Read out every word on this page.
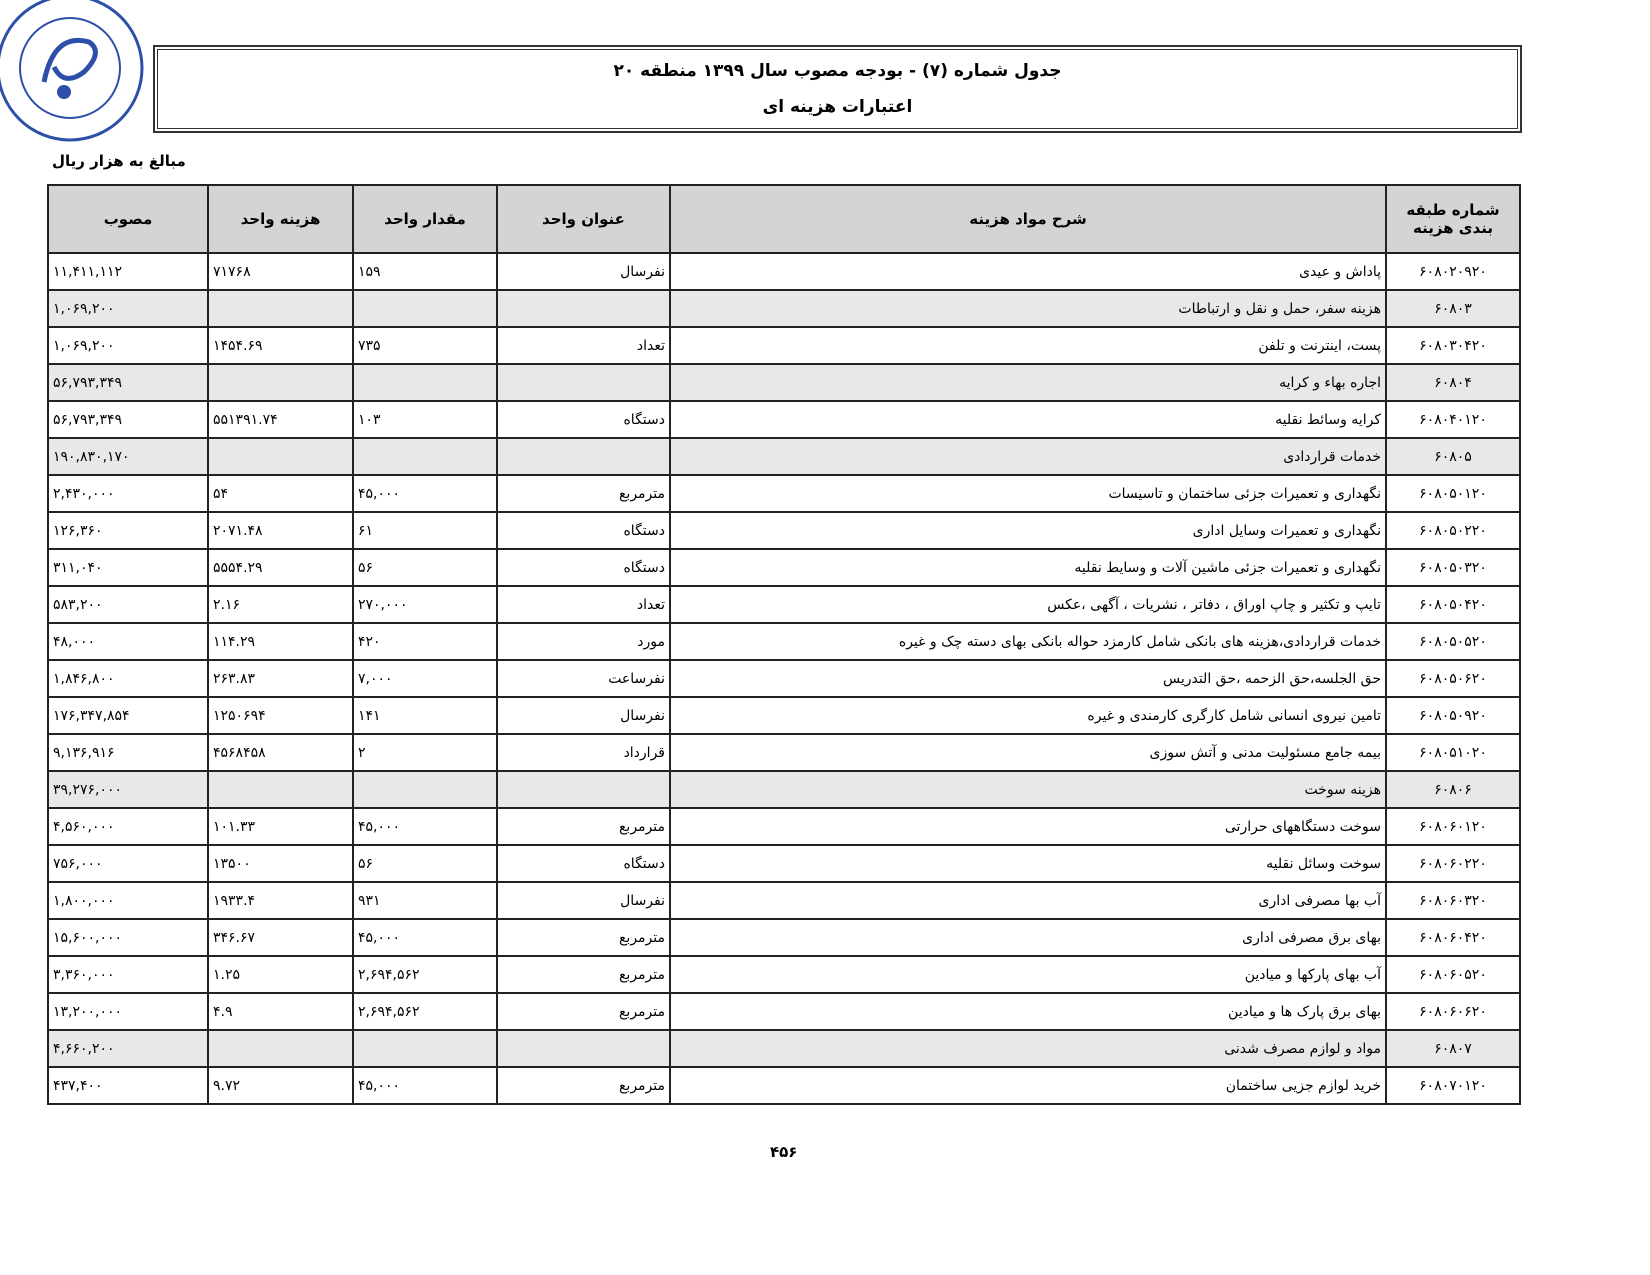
جدول شماره (۷) - بودجه مصوب سال ۱۳۹۹ منطقه ۲۰
اعتبارات هزینه ای
مبالغ به هزار ریال
شماره طبقه بندی هزینه	شرح مواد هزینه	عنوان واحد	مقدار واحد	هزینه واحد	مصوب
۶۰۸۰۲۰۹۲۰	پاداش و عیدی	نفرسال	۱۵۹	۷۱۷۶۸	۱۱,۴۱۱,۱۱۲
۶۰۸۰۳	هزینه سفر، حمل و نقل و ارتباطات				۱,۰۶۹,۲۰۰
۶۰۸۰۳۰۴۲۰	پست، اینترنت و تلفن	تعداد	۷۳۵	۱۴۵۴.۶۹	۱,۰۶۹,۲۰۰
۶۰۸۰۴	اجاره بهاء و کرایه				۵۶,۷۹۳,۳۴۹
۶۰۸۰۴۰۱۲۰	کرایه وسائط نقلیه	دستگاه	۱۰۳	۵۵۱۳۹۱.۷۴	۵۶,۷۹۳,۳۴۹
۶۰۸۰۵	خدمات قراردادی				۱۹۰,۸۳۰,۱۷۰
۶۰۸۰۵۰۱۲۰	نگهداری و تعمیرات جزئی ساختمان و تاسیسات	مترمربع	۴۵,۰۰۰	۵۴	۲,۴۳۰,۰۰۰
۶۰۸۰۵۰۲۲۰	نگهداری و تعمیرات وسایل اداری	دستگاه	۶۱	۲۰۷۱.۴۸	۱۲۶,۳۶۰
۶۰۸۰۵۰۳۲۰	نگهداری و تعمیرات جزئی ماشین آلات و وسایط نقلیه	دستگاه	۵۶	۵۵۵۴.۲۹	۳۱۱,۰۴۰
۶۰۸۰۵۰۴۲۰	تایپ و تکثیر و چاپ اوراق ، دفاتر ، نشریات ، آگهی ،عکس	تعداد	۲۷۰,۰۰۰	۲.۱۶	۵۸۳,۲۰۰
۶۰۸۰۵۰۵۲۰	خدمات قراردادی،هزینه های بانکی شامل کارمزد حواله بانکی بهای دسته چک و غیره	مورد	۴۲۰	۱۱۴.۲۹	۴۸,۰۰۰
۶۰۸۰۵۰۶۲۰	حق الجلسه،حق الزحمه ،حق التدریس	نفرساعت	۷,۰۰۰	۲۶۳.۸۳	۱,۸۴۶,۸۰۰
۶۰۸۰۵۰۹۲۰	تامین نیروی انسانی شامل کارگری کارمندی و غیره	نفرسال	۱۴۱	۱۲۵۰۶۹۴	۱۷۶,۳۴۷,۸۵۴
۶۰۸۰۵۱۰۲۰	بیمه جامع مسئولیت مدنی و آتش سوزی	قرارداد	۲	۴۵۶۸۴۵۸	۹,۱۳۶,۹۱۶
۶۰۸۰۶	هزینه سوخت				۳۹,۲۷۶,۰۰۰
۶۰۸۰۶۰۱۲۰	سوخت دستگاههای حرارتی	مترمربع	۴۵,۰۰۰	۱۰۱.۳۳	۴,۵۶۰,۰۰۰
۶۰۸۰۶۰۲۲۰	سوخت وسائل نقلیه	دستگاه	۵۶	۱۳۵۰۰	۷۵۶,۰۰۰
۶۰۸۰۶۰۳۲۰	آب بها مصرفی اداری	نفرسال	۹۳۱	۱۹۳۳.۴	۱,۸۰۰,۰۰۰
۶۰۸۰۶۰۴۲۰	بهای برق مصرفی اداری	مترمربع	۴۵,۰۰۰	۳۴۶.۶۷	۱۵,۶۰۰,۰۰۰
۶۰۸۰۶۰۵۲۰	آب بهای پارکها و میادین	مترمربع	۲,۶۹۴,۵۶۲	۱.۲۵	۳,۳۶۰,۰۰۰
۶۰۸۰۶۰۶۲۰	بهای برق پارک ها و میادین	مترمربع	۲,۶۹۴,۵۶۲	۴.۹	۱۳,۲۰۰,۰۰۰
۶۰۸۰۷	مواد و لوازم مصرف شدنی				۴,۶۶۰,۲۰۰
۶۰۸۰۷۰۱۲۰	خرید لوازم جزیی ساختمان	مترمربع	۴۵,۰۰۰	۹.۷۲	۴۳۷,۴۰۰
۴۵۶
